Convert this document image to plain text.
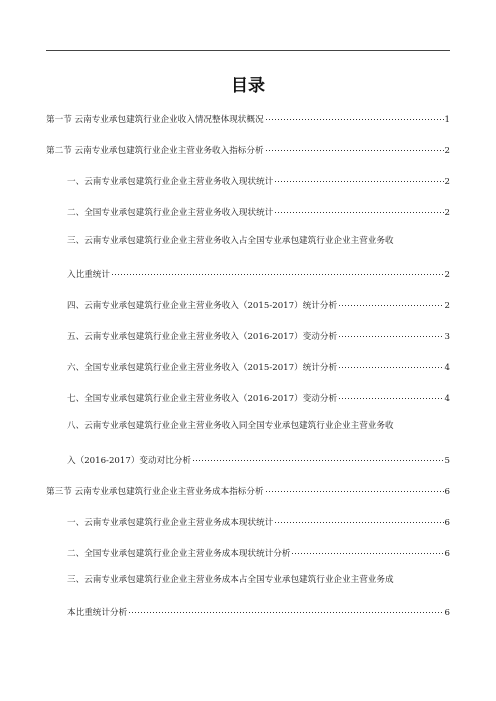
目录
第一节 云南专业承包建筑行业企业收入情况整体现状概况	1
第二节 云南专业承包建筑行业企业主营业务收入指标分析	2
一、云南专业承包建筑行业企业主营业务收入现状统计	2
二、全国专业承包建筑行业企业主营业务收入现状统计	2
三、云南专业承包建筑行业企业主营业务收入占全国专业承包建筑行业企业主营业务收
入比重统计	2
四、云南专业承包建筑行业企业主营业务收入（2015-2017）统计分析	2
五、云南专业承包建筑行业企业主营业务收入（2016-2017）变动分析	3
六、全国专业承包建筑行业企业主营业务收入（2015-2017）统计分析	4
七、全国专业承包建筑行业企业主营业务收入（2016-2017）变动分析	4
八、云南专业承包建筑行业企业主营业务收入同全国专业承包建筑行业企业主营业务收
入（2016-2017）变动对比分析	5
第三节 云南专业承包建筑行业企业主营业务成本指标分析	6
一、云南专业承包建筑行业企业主营业务成本现状统计	6
二、全国专业承包建筑行业企业主营业务成本现状统计分析	6
三、云南专业承包建筑行业企业主营业务成本占全国专业承包建筑行业企业主营业务成
本比重统计分析	6
